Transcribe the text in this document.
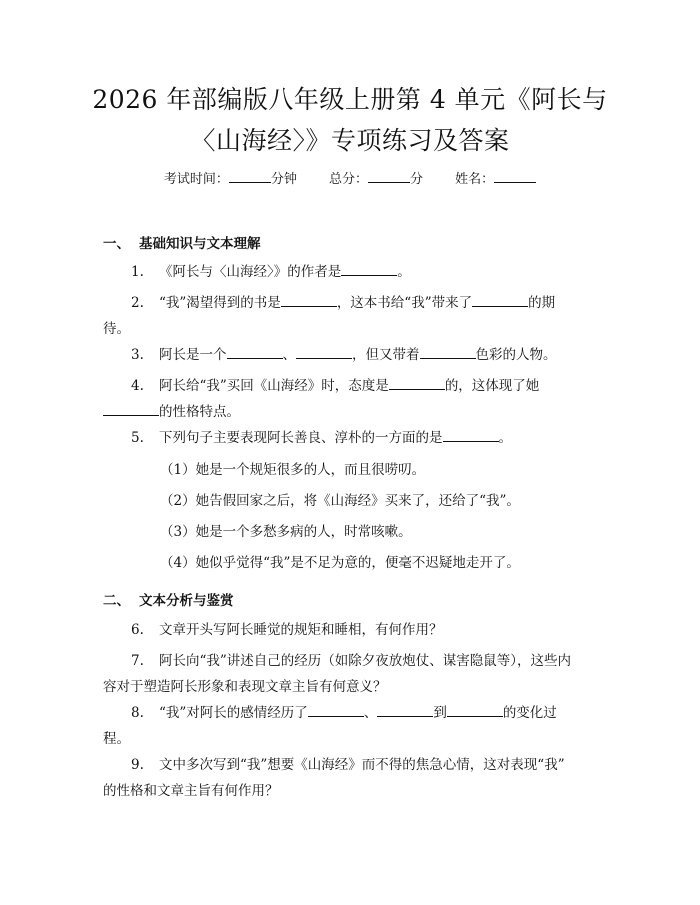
2026 年部编版八年级上册第 4 单元《阿长与
〈山海经〉》专项练习及答案
考试时间：	分钟 总分：	分 姓名：
一、 基础知识与文本理解
1. 《阿长与〈山海经〉》的作者是	。
2. “我”渴望得到的书是	，这本书给“我”带来了	的期
待。
3. 阿长是一个	、	，但又带着	色彩的人物。
4. 阿长给“我”买回《山海经》时，态度是	的，这体现了她
的性格特点。
5. 下列句子主要表现阿长善良、淳朴的一方面的是	。
（1）她是一个规矩很多的人，而且很唠叨。
（2）她告假回家之后，将《山海经》买来了，还给了“我”。
（3）她是一个多愁多病的人，时常咳嗽。
（4）她似乎觉得“我”是不足为意的，便毫不迟疑地走开了。
二、 文本分析与鉴赏
6. 文章开头写阿长睡觉的规矩和睡相，有何作用？
7. 阿长向“我”讲述自己的经历（如除夕夜放炮仗、谋害隐鼠等），这些内
容对于塑造阿长形象和表现文章主旨有何意义？
8. “我”对阿长的感情经历了	、	到	的变化过
程。
9. 文中多次写到“我”想要《山海经》而不得的焦急心情，这对表现“我”
的性格和文章主旨有何作用？
